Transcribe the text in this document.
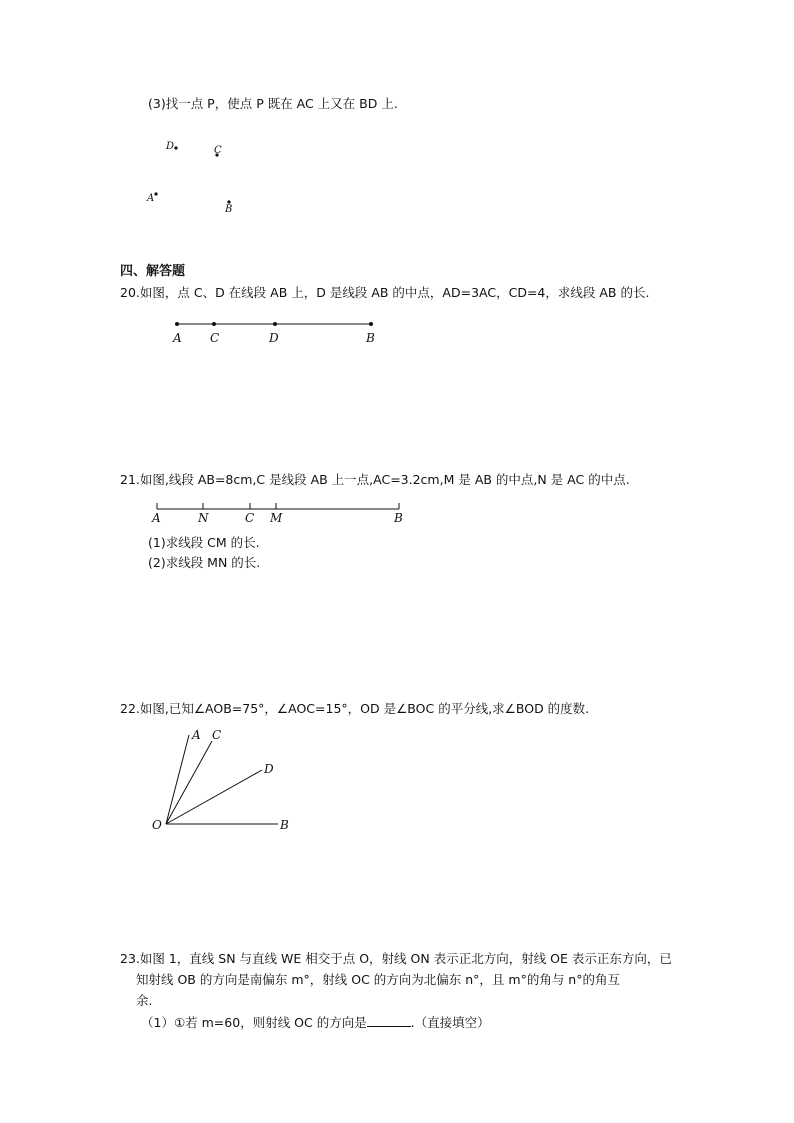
(3)找一点 P，使点 P 既在 AC 上又在 BD 上.
D	C
A
B
四、解答题
20.如图，点 C、D 在线段 AB 上，D 是线段 AB 的中点，AD=3AC，CD=4，求线段 AB 的长.
A C	D	B
21.如图,线段 AB=8cm,C 是线段 AB 上一点,AC=3.2cm,M 是 AB 的中点,N 是 AC 的中点.
A	N	C M	B
(1)求线段 CM 的长.
(2)求线段 MN 的长.
22.如图,已知∠AOB=75°，∠AOC=15°，OD 是∠BOC 的平分线,求∠BOD 的度数.
A C
D
O	B
23.如图 1，直线 SN 与直线 WE 相交于点 O，射线 ON 表示正北方向，射线 OE 表示正东方向，已
知射线 OB 的方向是南偏东 m°，射线 OC 的方向为北偏东 n°，且 m°的角与 n°的角互
余.
（1）①若 m=60，则射线 OC 的方向是	.（直接填空）
